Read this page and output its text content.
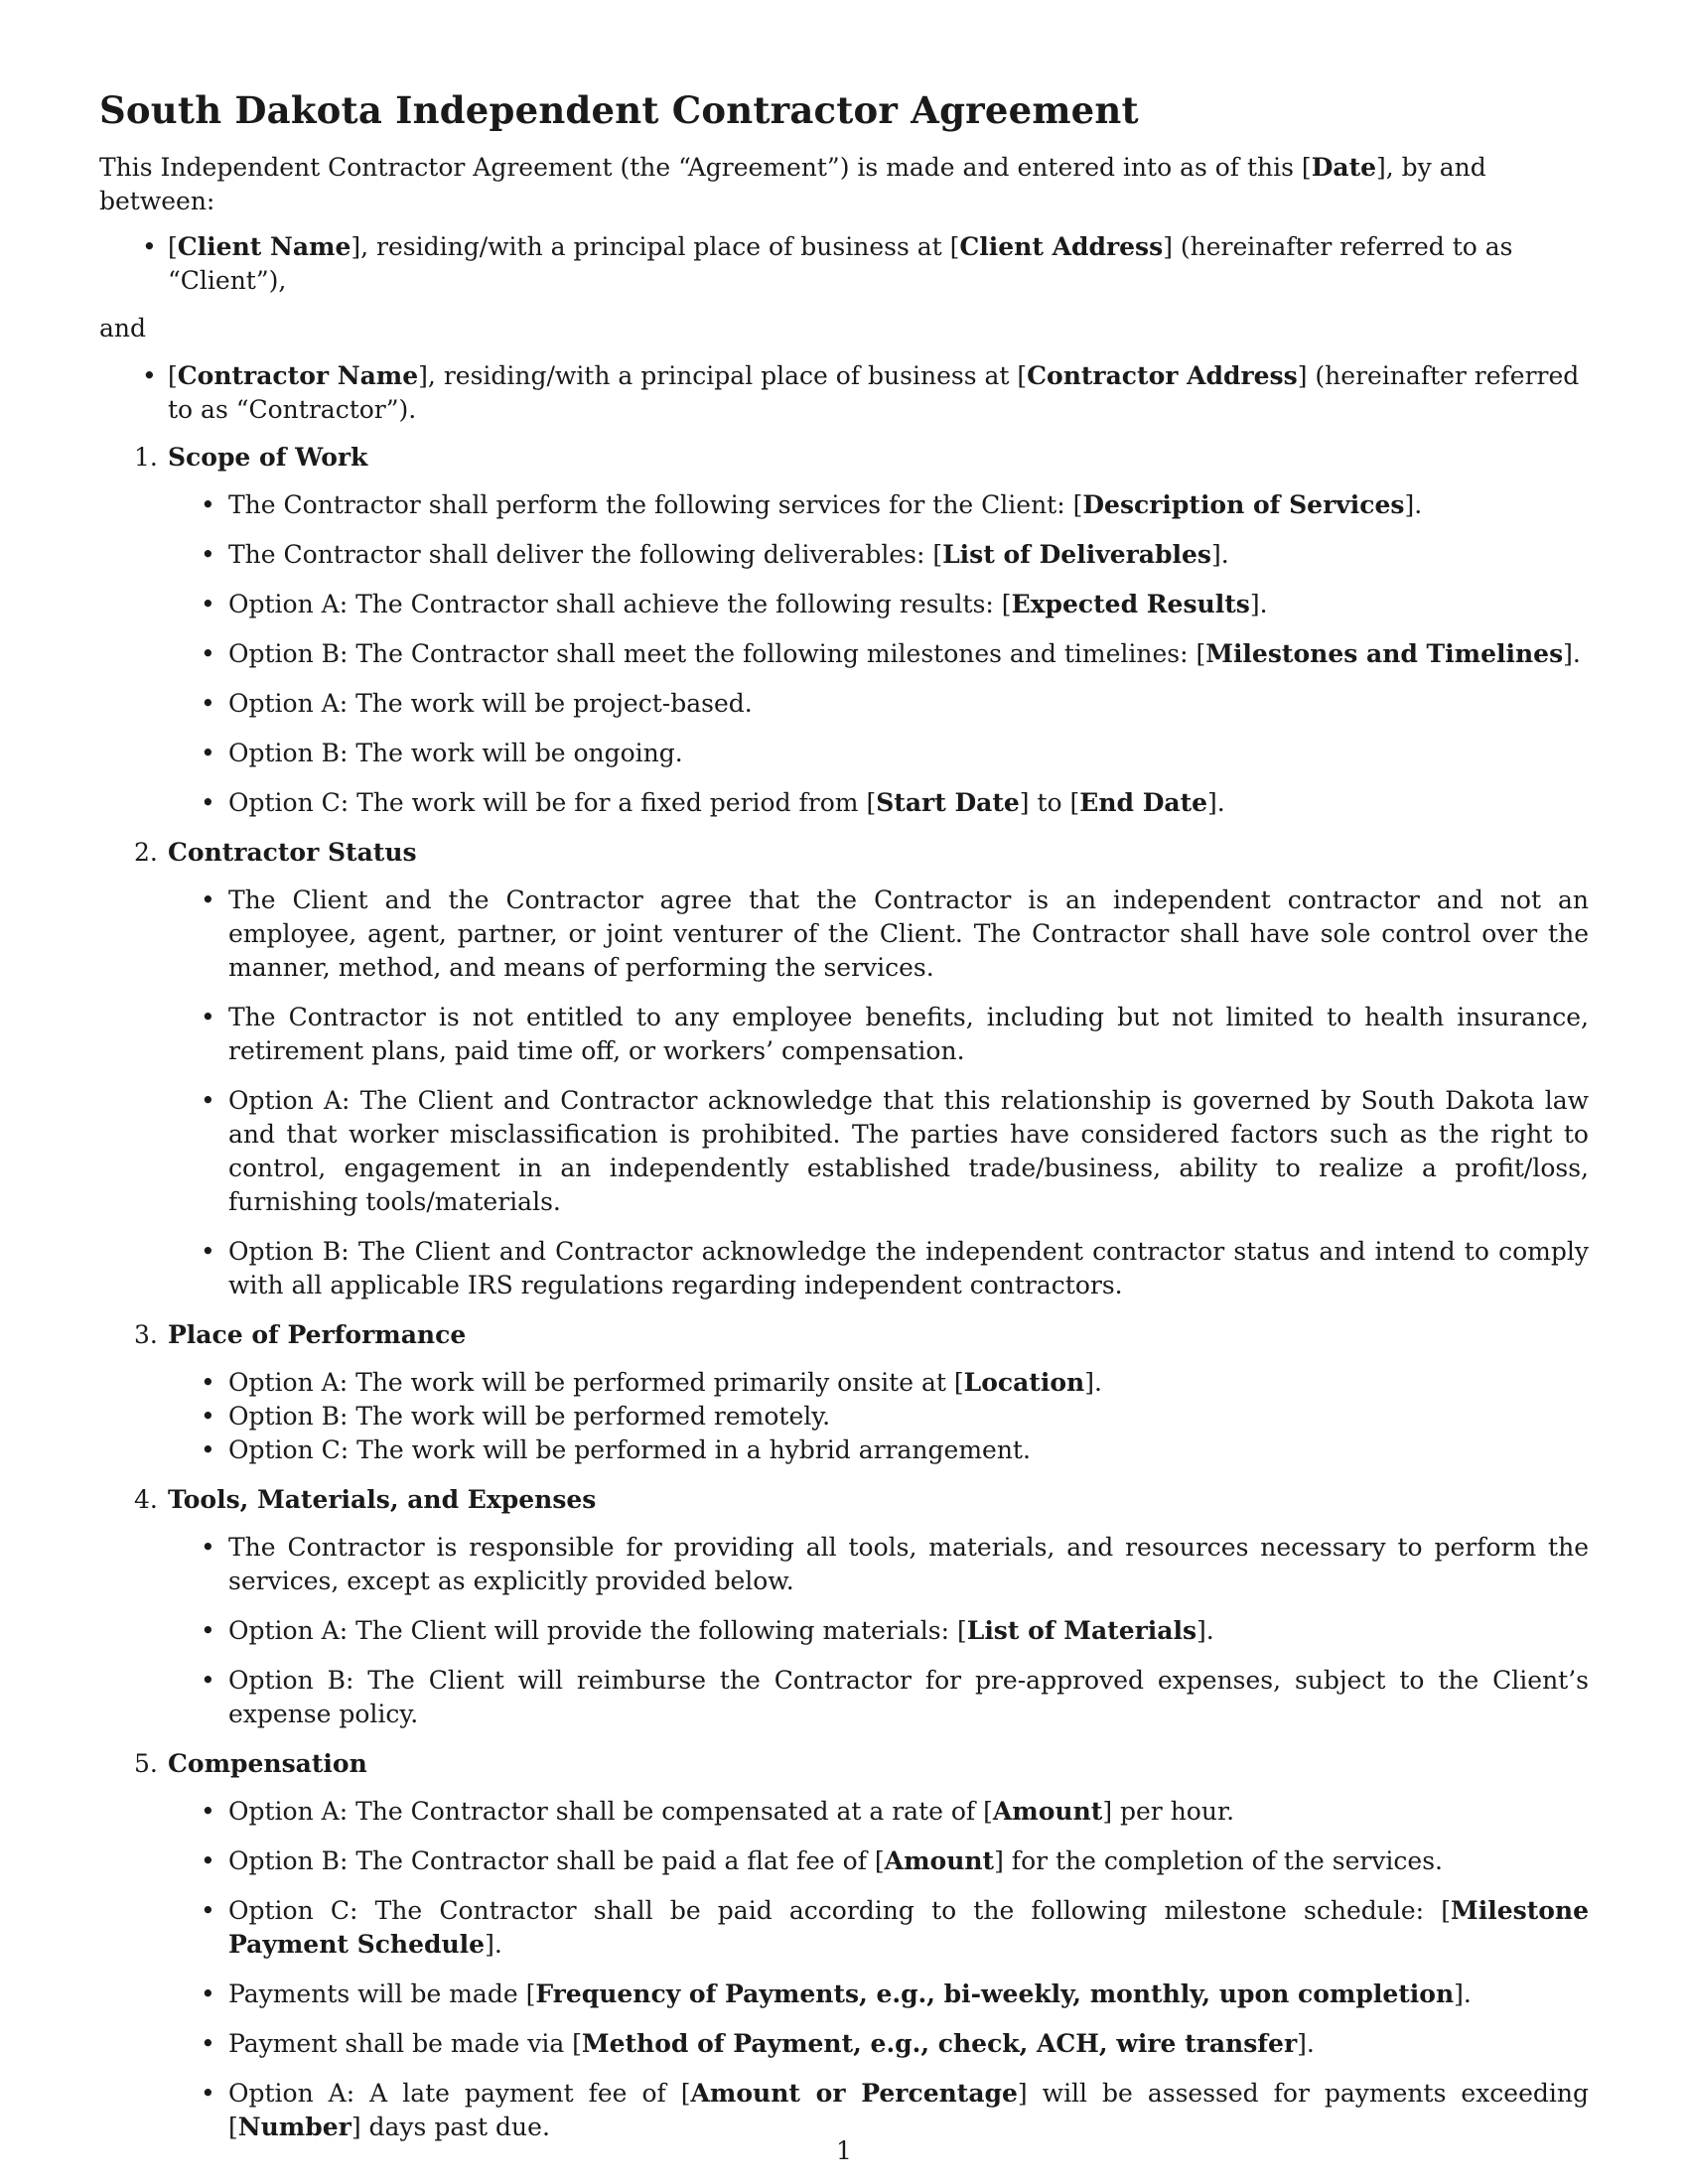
South Dakota Independent Contractor Agreement

This Independent Contractor Agreement (the “Agreement”) is made and entered into as of this [Date], by and between:

• [Client Name], residing/with a principal place of business at [Client Address] (hereinafter referred to as “Client”),

and

• [Contractor Name], residing/with a principal place of business at [Contractor Address] (hereinafter referred to as “Contractor”).
1. Scope of Work
• The Contractor shall perform the following services for the Client: [Description of Services].
• The Contractor shall deliver the following deliverables: [List of Deliverables].
• Option A: The Contractor shall achieve the following results: [Expected Results].
• Option B: The Contractor shall meet the following milestones and timelines: [Milestones and Timelines].
• Option A: The work will be project-based.
• Option B: The work will be ongoing.
• Option C: The work will be for a fixed period from [Start Date] to [End Date].
2. Contractor Status
• The Client and the Contractor agree that the Contractor is an independent contractor and not an employee, agent, partner, or joint venturer of the Client. The Contractor shall have sole control over the manner, method, and means of performing the services.
• The Contractor is not entitled to any employee benefits, including but not limited to health insurance, retirement plans, paid time off, or workers’ compensation.
• Option A: The Client and Contractor acknowledge that this relationship is governed by South Dakota law and that worker misclassification is prohibited. The parties have considered factors such as the right to control, engagement in an independently established trade/business, ability to realize a profit/loss, furnishing tools/materials.
• Option B: The Client and Contractor acknowledge the independent contractor status and intend to comply with all applicable IRS regulations regarding independent contractors.
3. Place of Performance
• Option A: The work will be performed primarily onsite at [Location].
• Option B: The work will be performed remotely.
• Option C: The work will be performed in a hybrid arrangement.
4. Tools, Materials, and Expenses
• The Contractor is responsible for providing all tools, materials, and resources necessary to perform the services, except as explicitly provided below.
• Option A: The Client will provide the following materials: [List of Materials].
• Option B: The Client will reimburse the Contractor for pre-approved expenses, subject to the Client’s expense policy.
5. Compensation
• Option A: The Contractor shall be compensated at a rate of [Amount] per hour.
• Option B: The Contractor shall be paid a flat fee of [Amount] for the completion of the services.
• Option C: The Contractor shall be paid according to the following milestone schedule: [Milestone Payment Schedule].
• Payments will be made [Frequency of Payments, e.g., bi-weekly, monthly, upon completion].
• Payment shall be made via [Method of Payment, e.g., check, ACH, wire transfer].
• Option A: A late payment fee of [Amount or Percentage] will be assessed for payments exceeding [Number] days past due.
1
